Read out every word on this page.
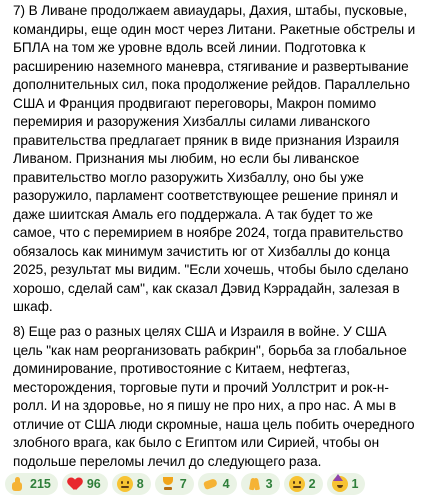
7) В Ливане продолжаем авиаудары, Дахия, штабы, пусковые, командиры, еще один мост через Литани. Ракетные обстрелы и БПЛА на том же уровне вдоль всей линии. Подготовка к расширению наземного маневра, стягивание и развертывание дополнительных сил, пока продолжение рейдов. Параллельно США и Франция продвигают переговоры, Макрон помимо перемирия и разоружения Хизбаллы силами ливанского правительства предлагает пряник в виде признания Израиля Ливаном. Признания мы любим, но если бы ливанское правительство могло разоружить Хизбаллу, оно бы уже разоружило, парламент соответствующее решение принял и даже шиитская Амаль его поддержала. А так будет то же самое, что с перемирием в ноябре 2024, тогда правительство обязалось как минимум зачистить юг от Хизбаллы до конца 2025, результат мы видим. "Если хочешь, чтобы было сделано хорошо, сделай сам", как сказал Дэвид Кэррадайн, залезая в шкаф.

8) Еще раз о разных целях США и Израиля в войне. У США цель "как нам реорганизовать рабкрин", борьба за глобальное доминирование, противостояние с Китаем, нефтегаз, месторождения, торговые пути и прочий Уоллстрит и рок-н-ролл. И на здоровье, но я пишу не про них, а про нас. А мы в отличие от США люди скромные, наша цель побить очередного злобного врага, как было с Египтом или Сирией, чтобы он подольше переломы лечил до следующего раза.

215	96	8	7	4	3	2	1
